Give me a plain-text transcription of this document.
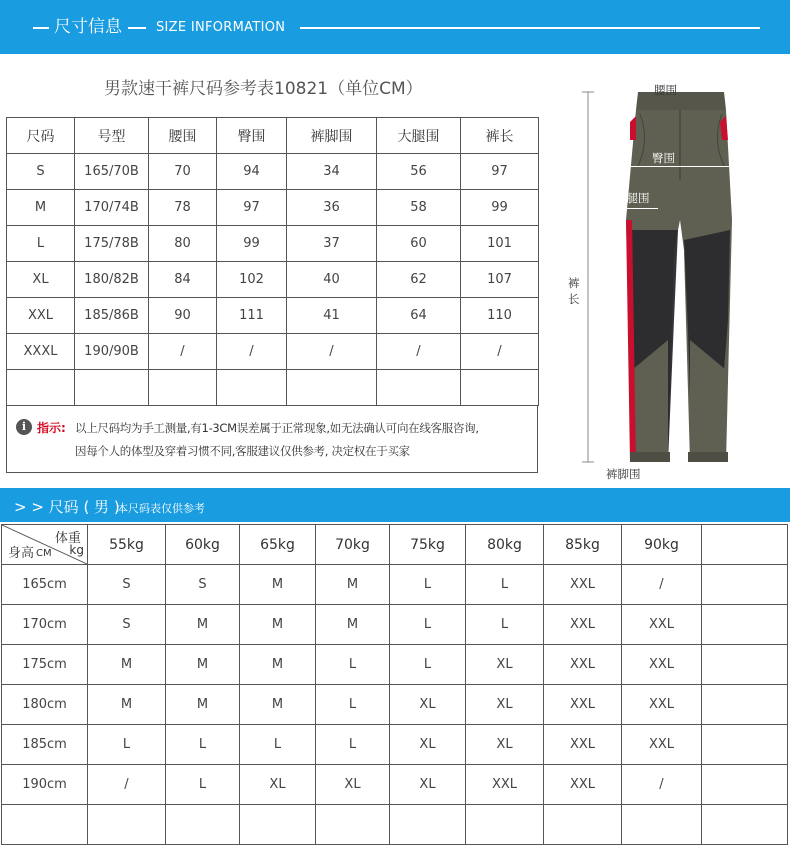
尺寸信息	SIZE INFORMATION
男款速干裤尺码参考表10821（单位CM）
尺码	号型	腰围	臀围	裤脚围	大腿围	裤长
S	165/70B	70	94	34	56	97
M	170/74B	78	97	36	58	99
L	175/78B	80	99	37	60	101
XL	180/82B	84	102	40	62	107
XXL	185/86B	90	111	41	64	110
XXXL	190/90B	/	/	/	/	/

i 指示: 以上尺码均为手工测量,有1-3CM误差属于正常现象,如无法确认可向在线客服咨询,
因每个人的体型及穿着习惯不同,客服建议仅供参考, 决定权在于买家
腰围
臀围
大腿围
裤
长
裤脚围
> > 尺码 ( 男 )
本尺码表仅供参考
体重
kg
身高 CM	55kg	60kg	65kg	70kg	75kg	80kg	85kg	90kg	
165cm	S	S	M	M	L	L	XXL	/	
170cm	S	M	M	M	L	L	XXL	XXL	
175cm	M	M	M	L	L	XL	XXL	XXL	
180cm	M	M	M	L	XL	XL	XXL	XXL	
185cm	L	L	L	L	XL	XL	XXL	XXL	
190cm	/	L	XL	XL	XL	XXL	XXL	/	
